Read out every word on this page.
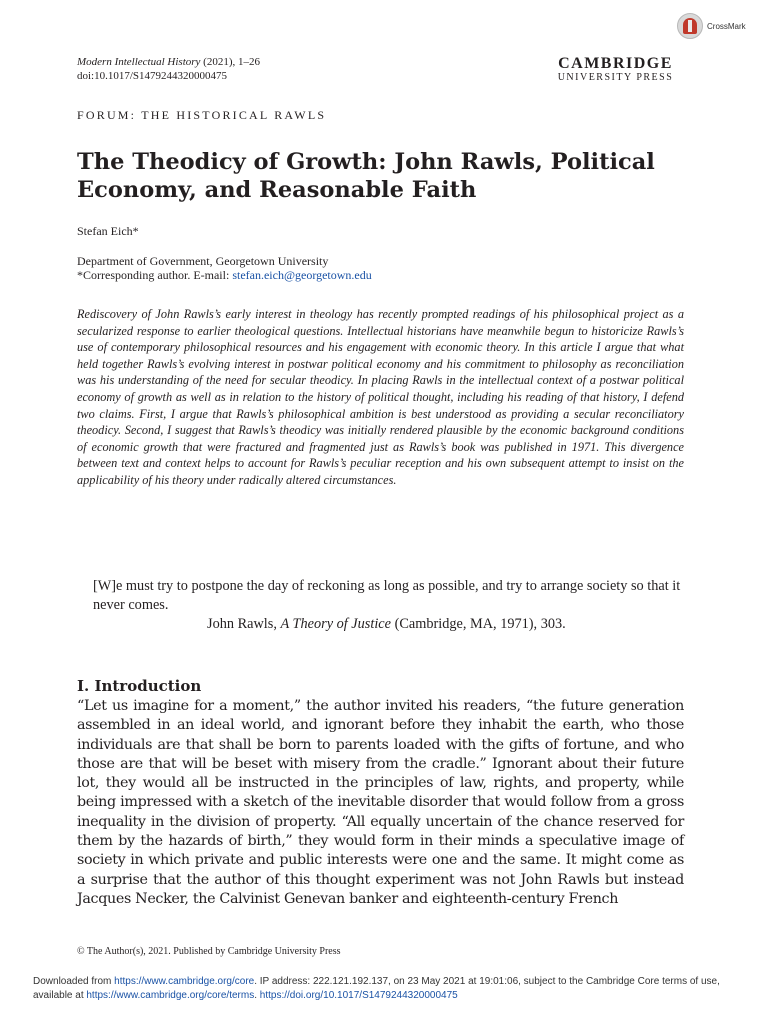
CrossMark
Modern Intellectual History (2021), 1–26
doi:10.1017/S1479244320000475
CAMBRIDGE
UNIVERSITY PRESS
FORUM: THE HISTORICAL RAWLS
The Theodicy of Growth: John Rawls, Political Economy, and Reasonable Faith
Stefan Eich*
Department of Government, Georgetown University
*Corresponding author. E-mail: stefan.eich@georgetown.edu

Rediscovery of John Rawls’s early interest in theology has recently prompted readings of his philosophical project as a secularized response to earlier theological questions. Intellectual historians have meanwhile begun to historicize Rawls’s use of contemporary philosophical resources and his engagement with economic theory. In this article I argue that what held together Rawls’s evolving interest in postwar political economy and his commitment to philosophy as reconciliation was his understanding of the need for secular theodicy. In placing Rawls in the intellectual context of a postwar political economy of growth as well as in relation to the history of political thought, including his reading of that history, I defend two claims. First, I argue that Rawls’s philosophical ambition is best understood as providing a secular reconciliatory theodicy. Second, I suggest that Rawls’s theodicy was initially rendered plausible by the economic background conditions of economic growth that were fractured and fragmented just as Rawls’s book was published in 1971. This divergence between text and context helps to account for Rawls’s peculiar reception and his own subsequent attempt to insist on the applicability of his theory under radically altered circumstances.

[W]e must try to postpone the day of reckoning as long as possible, and try to arrange society so that it never comes.
John Rawls, A Theory of Justice (Cambridge, MA, 1971), 303.
I. Introduction

“Let us imagine for a moment,” the author invited his readers, “the future generation assembled in an ideal world, and ignorant before they inhabit the earth, who those individuals are that shall be born to parents loaded with the gifts of fortune, and who those are that will be beset with misery from the cradle.” Ignorant about their future lot, they would all be instructed in the principles of law, rights, and property, while being impressed with a sketch of the inevitable disorder that would follow from a gross inequality in the division of property. “All equally uncertain of the chance reserved for them by the hazards of birth,” they would form in their minds a speculative image of society in which private and public interests were one and the same. It might come as a surprise that the author of this thought experiment was not John Rawls but instead Jacques Necker, the Calvinist Genevan banker and eighteenth-century French

© The Author(s), 2021. Published by Cambridge University Press
Downloaded from https://www.cambridge.org/core. IP address: 222.121.192.137, on 23 May 2021 at 19:01:06, subject to the Cambridge Core terms of use, available at https://www.cambridge.org/core/terms. https://doi.org/10.1017/S1479244320000475
